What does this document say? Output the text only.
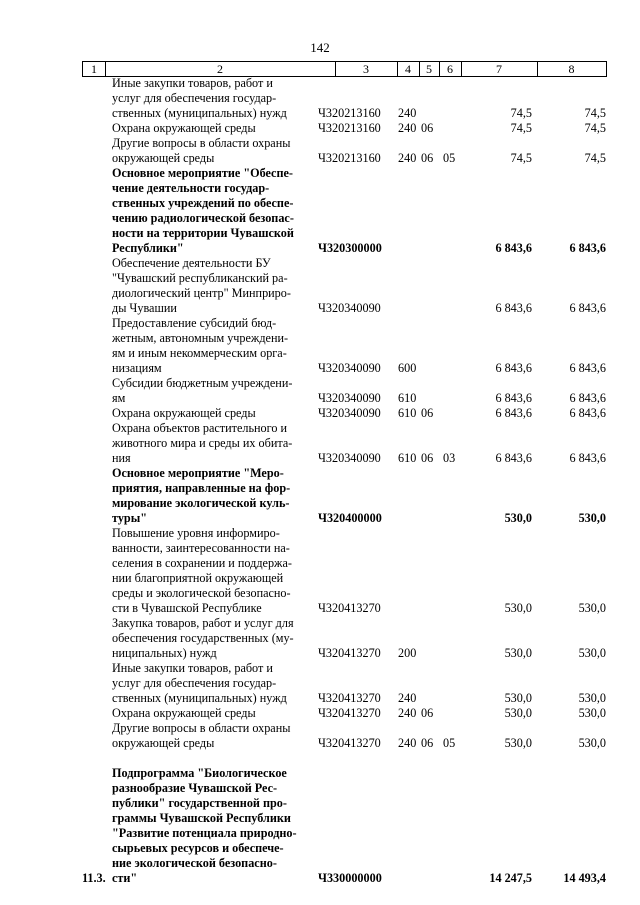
142
1	2	3	4	5	6	7	8
Иные закупки товаров, работ и
услуг для обеспечения государ-
ственных (муниципальных) нужд	Ч320213160 240	74,5	74,5
Охрана окружающей среды	Ч320213160 240 06	74,5	74,5
Другие вопросы в области охраны
окружающей среды	Ч320213160 240 06 05	74,5	74,5
Основное мероприятие "Обеспе-
чение деятельности государ-
ственных учреждений по обеспе-
чению радиологической безопас-
ности на территории Чувашской
Республики"	Ч320300000	6 843,6	6 843,6
Обеспечение деятельности БУ
"Чувашский республиканский ра-
диологический центр" Минприро-
ды Чувашии	Ч320340090	6 843,6	6 843,6
Предоставление субсидий бюд-
жетным, автономным учреждени-
ям и иным некоммерческим орга-
низациям	Ч320340090 600	6 843,6	6 843,6
Субсидии бюджетным учреждени-
ям	Ч320340090 610	6 843,6	6 843,6
Охрана окружающей среды	Ч320340090 610 06	6 843,6	6 843,6
Охрана объектов растительного и
животного мира и среды их обита-
ния	Ч320340090 610 06 03	6 843,6	6 843,6
Основное мероприятие "Меро-
приятия, направленные на фор-
мирование экологической куль-
туры"	Ч320400000	530,0	530,0
Повышение уровня информиро-
ванности, заинтересованности на-
селения в сохранении и поддержа-
нии благоприятной окружающей
среды и экологической безопасно-
сти в Чувашской Республике	Ч320413270	530,0	530,0
Закупка товаров, работ и услуг для
обеспечения государственных (му-
ниципальных) нужд	Ч320413270 200	530,0	530,0
Иные закупки товаров, работ и
услуг для обеспечения государ-
ственных (муниципальных) нужд	Ч320413270 240	530,0	530,0
Охрана окружающей среды	Ч320413270 240 06	530,0	530,0
Другие вопросы в области охраны
окружающей среды	Ч320413270 240 06 05	530,0	530,0
11.3.
Подпрограмма "Биологическое
разнообразие Чувашской Рес-
публики" государственной про-
граммы Чувашской Республики
"Развитие потенциала природно-
сырьевых ресурсов и обеспече-
ние экологической безопасно-
сти"	Ч330000000	14 247,5	14 493,4
